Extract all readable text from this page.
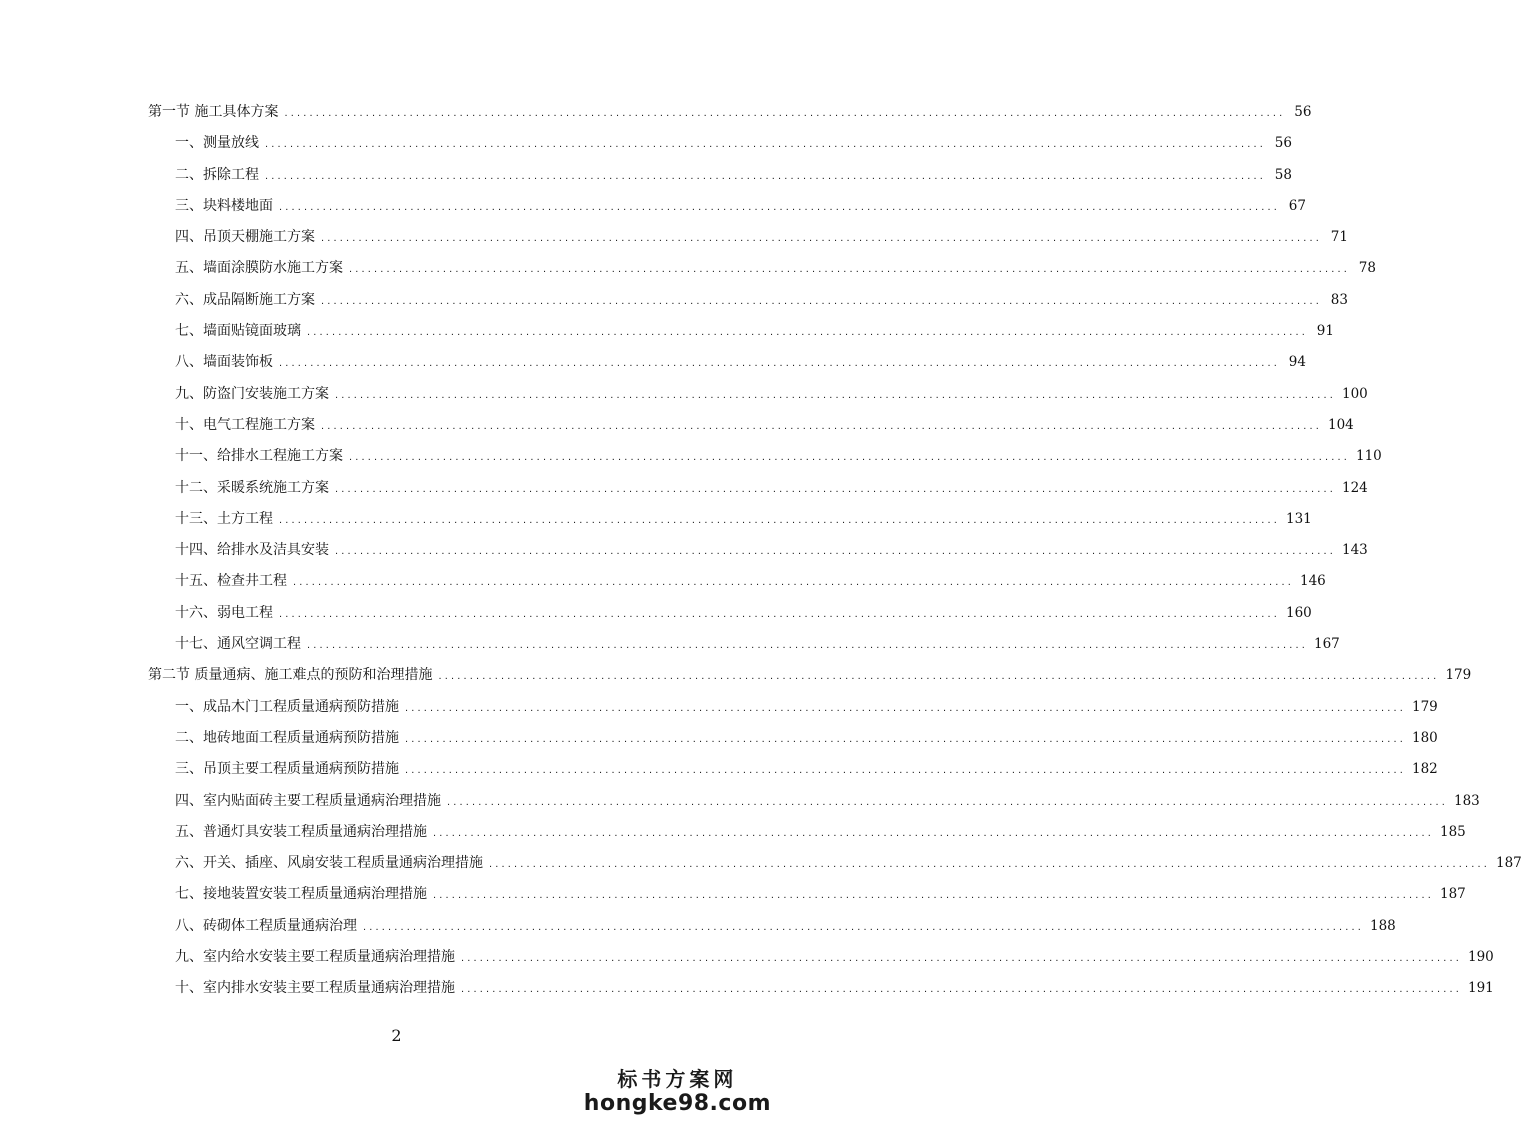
第一节 施工具体方案 ................................................................................................................................................................ 56
一、测量放线 ................................................................................................................................................................ 56
二、拆除工程 ................................................................................................................................................................ 58
三、块料楼地面 ................................................................................................................................................................ 67
四、吊顶天棚施工方案 ................................................................................................................................................................ 71
五、墙面涂膜防水施工方案 ................................................................................................................................................................ 78
六、成品隔断施工方案 ................................................................................................................................................................ 83
七、墙面贴镜面玻璃 ................................................................................................................................................................ 91
八、墙面装饰板 ................................................................................................................................................................ 94
九、防盗门安装施工方案 ................................................................................................................................................................ 100
十、电气工程施工方案 ................................................................................................................................................................ 104
十一、给排水工程施工方案 ................................................................................................................................................................ 110
十二、采暖系统施工方案 ................................................................................................................................................................ 124
十三、土方工程 ................................................................................................................................................................ 131
十四、给排水及洁具安装 ................................................................................................................................................................ 143
十五、检查井工程 ................................................................................................................................................................ 146
十六、弱电工程 ................................................................................................................................................................ 160
十七、通风空调工程 ................................................................................................................................................................ 167
第二节 质量通病、施工难点的预防和治理措施 ................................................................................................................................................................ 179
一、成品木门工程质量通病预防措施 ................................................................................................................................................................ 179
二、地砖地面工程质量通病预防措施 ................................................................................................................................................................ 180
三、吊顶主要工程质量通病预防措施 ................................................................................................................................................................ 182
四、室内贴面砖主要工程质量通病治理措施 ................................................................................................................................................................ 183
五、普通灯具安装工程质量通病治理措施 ................................................................................................................................................................ 185
六、开关、插座、风扇安装工程质量通病治理措施 ................................................................................................................................................................ 187
七、接地装置安装工程质量通病治理措施 ................................................................................................................................................................ 187
八、砖砌体工程质量通病治理 ................................................................................................................................................................ 188
九、室内给水安装主要工程质量通病治理措施 ................................................................................................................................................................ 190
十、室内排水安装主要工程质量通病治理措施 ................................................................................................................................................................ 191
2
标书方案网
hongke98.com
